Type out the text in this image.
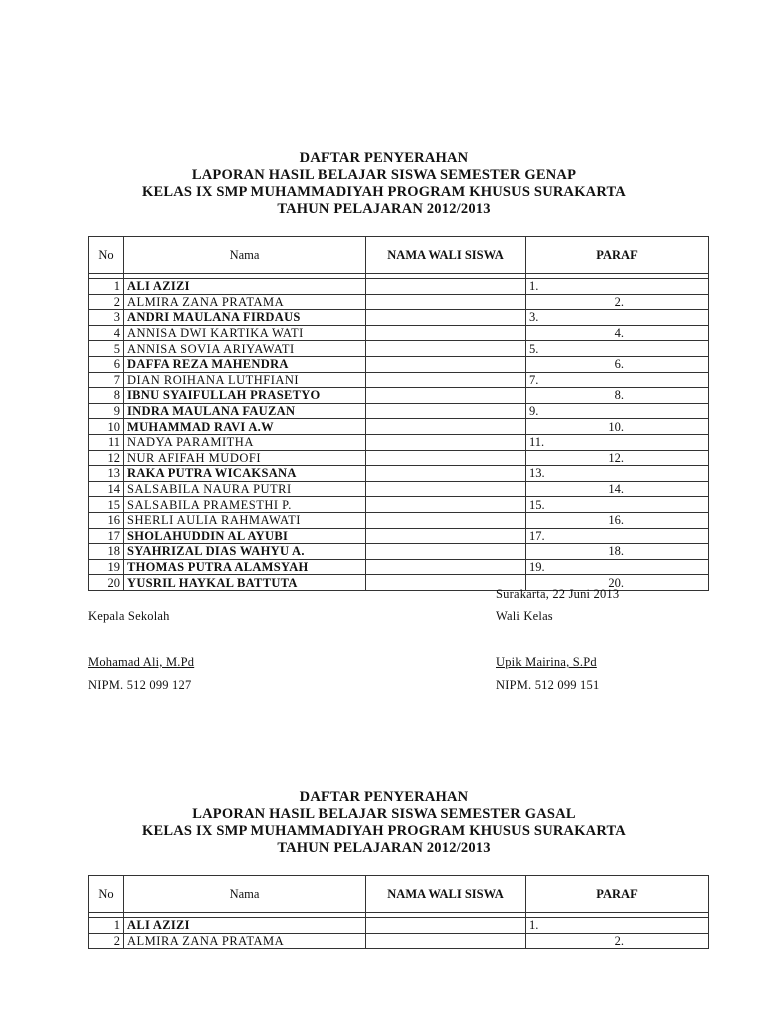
DAFTAR PENYERAHAN
LAPORAN HASIL BELAJAR SISWA SEMESTER GENAP
KELAS IX SMP MUHAMMADIYAH PROGRAM KHUSUS SURAKARTA
TAHUN PELAJARAN 2012/2013
No	Nama	NAMA WALI SISWA	PARAF

1	ALI AZIZI		1.
2	ALMIRA ZANA PRATAMA		2.
3	ANDRI MAULANA FIRDAUS		3.
4	ANNISA DWI KARTIKA WATI		4.
5	ANNISA SOVIA ARIYAWATI		5.
6	DAFFA REZA MAHENDRA		6.
7	DIAN ROIHANA LUTHFIANI		7.
8	IBNU SYAIFULLAH PRASETYO		8.
9	INDRA MAULANA FAUZAN		9.
10	MUHAMMAD RAVI A.W		10.
11	NADYA PARAMITHA		11.
12	NUR AFIFAH MUDOFI		12.
13	RAKA PUTRA WICAKSANA		13.
14	SALSABILA NAURA PUTRI		14.
15	SALSABILA PRAMESTHI P.		15.
16	SHERLI AULIA RAHMAWATI		16.
17	SHOLAHUDDIN AL AYUBI		17.
18	SYAHRIZAL DIAS WAHYU A.		18.
19	THOMAS PUTRA ALAMSYAH		19.
20	YUSRIL HAYKAL BATTUTA		20.
Surakarta, 22 Juni 2013
Kepala Sekolah	Wali Kelas
Mohamad Ali, M.Pd	Upik Mairina, S.Pd
NIPM. 512 099 127	NIPM. 512 099 151
DAFTAR PENYERAHAN
LAPORAN HASIL BELAJAR SISWA SEMESTER GASAL
KELAS IX SMP MUHAMMADIYAH PROGRAM KHUSUS SURAKARTA
TAHUN PELAJARAN 2012/2013
No	Nama	NAMA WALI SISWA	PARAF

1	ALI AZIZI		1.
2	ALMIRA ZANA PRATAMA		2.
